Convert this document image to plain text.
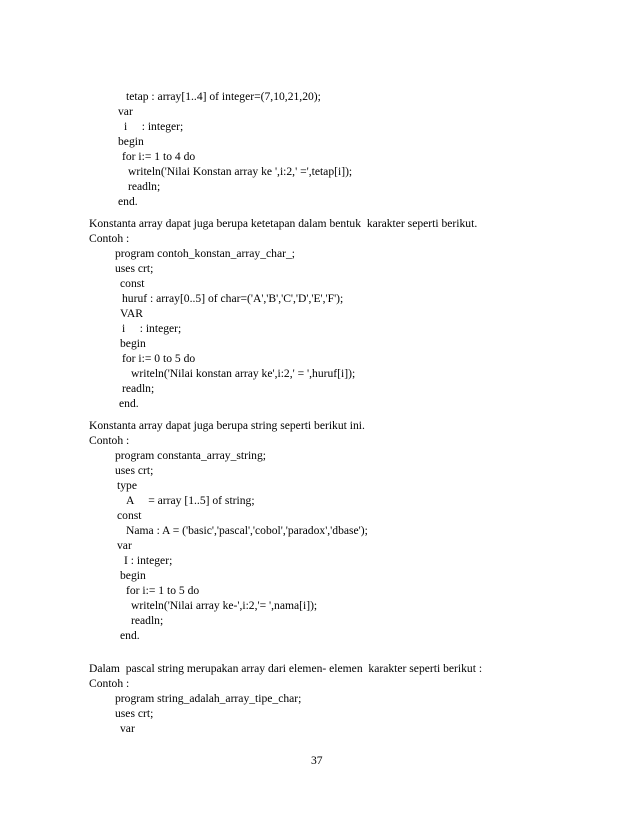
tetap : array[1..4] of integer=(7,10,21,20);
var
i     : integer;
begin
for i:= 1 to 4 do
writeln('Nilai Konstan array ke ',i:2,' =',tetap[i]);
readln;
end.
Konstanta array dapat juga berupa ketetapan dalam bentuk  karakter seperti berikut.
Contoh :
program contoh_konstan_array_char_;
uses crt;
const
huruf : array[0..5] of char=('A','B','C','D','E','F');
VAR
i     : integer;
begin
for i:= 0 to 5 do
writeln('Nilai konstan array ke',i:2,' = ',huruf[i]);
readln;
end.
Konstanta array dapat juga berupa string seperti berikut ini.
Contoh :
program constanta_array_string;
uses crt;
type
A     = array [1..5] of string;
const
Nama : A = ('basic','pascal','cobol','paradox','dbase');
var
I : integer;
begin
for i:= 1 to 5 do
writeln('Nilai array ke-',i:2,'= ',nama[i]);
readln;
end.
Dalam  pascal string merupakan array dari elemen- elemen  karakter seperti berikut :
Contoh :
program string_adalah_array_tipe_char;
uses crt;
var
37
